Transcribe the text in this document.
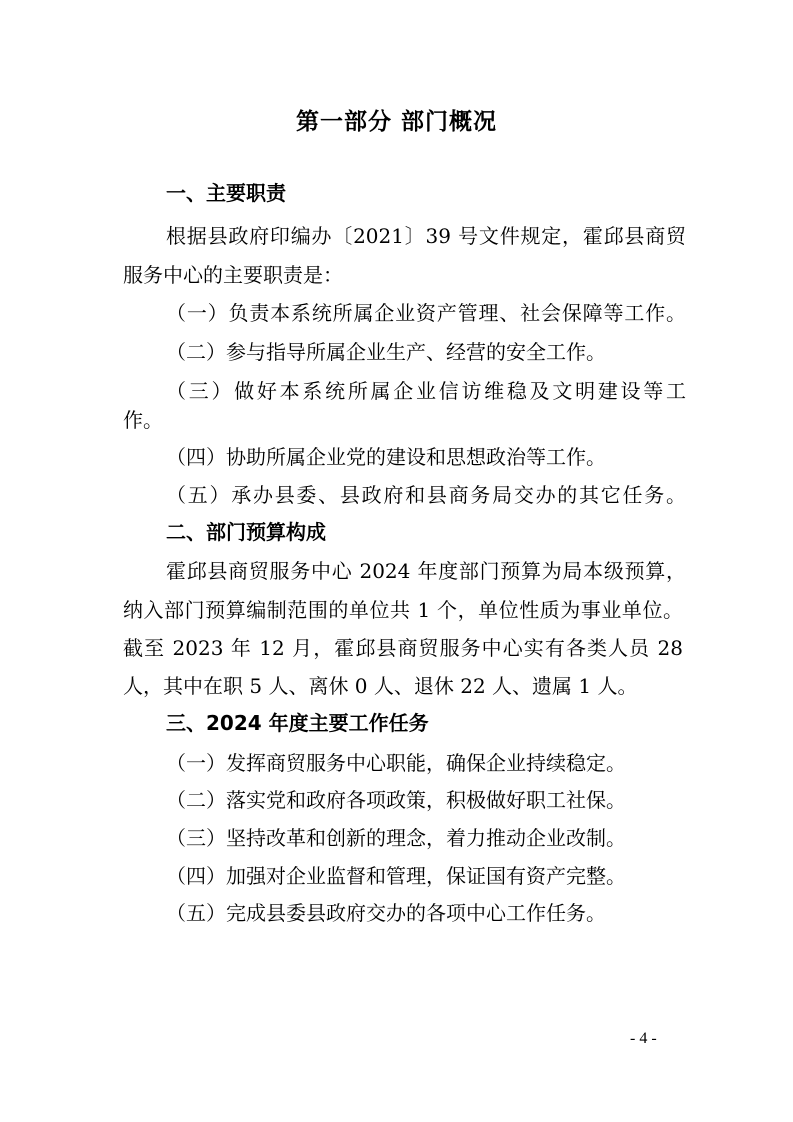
第一部分 部门概况
一、主要职责
根据县政府印编办〔2021〕39 号文件规定，霍邱县商贸
服务中心的主要职责是：
（一）负责本系统所属企业资产管理、社会保障等工作。
（二）参与指导所属企业生产、经营的安全工作。
（三）做好本系统所属企业信访维稳及文明建设等工
作。
（四）协助所属企业党的建设和思想政治等工作。
（五）承办县委、县政府和县商务局交办的其它任务。
二、部门预算构成
霍邱县商贸服务中心 2024 年度部门预算为局本级预算，
纳入部门预算编制范围的单位共 1 个，单位性质为事业单位。
截至 2023 年 12 月，霍邱县商贸服务中心实有各类人员 28
人，其中在职 5 人、离休 0 人、退休 22 人、遗属 1 人。
三、2024 年度主要工作任务
（一）发挥商贸服务中心职能，确保企业持续稳定。
（二）落实党和政府各项政策，积极做好职工社保。
（三）坚持改革和创新的理念，着力推动企业改制。
（四）加强对企业监督和管理，保证国有资产完整。
（五）完成县委县政府交办的各项中心工作任务。
- 4 -
